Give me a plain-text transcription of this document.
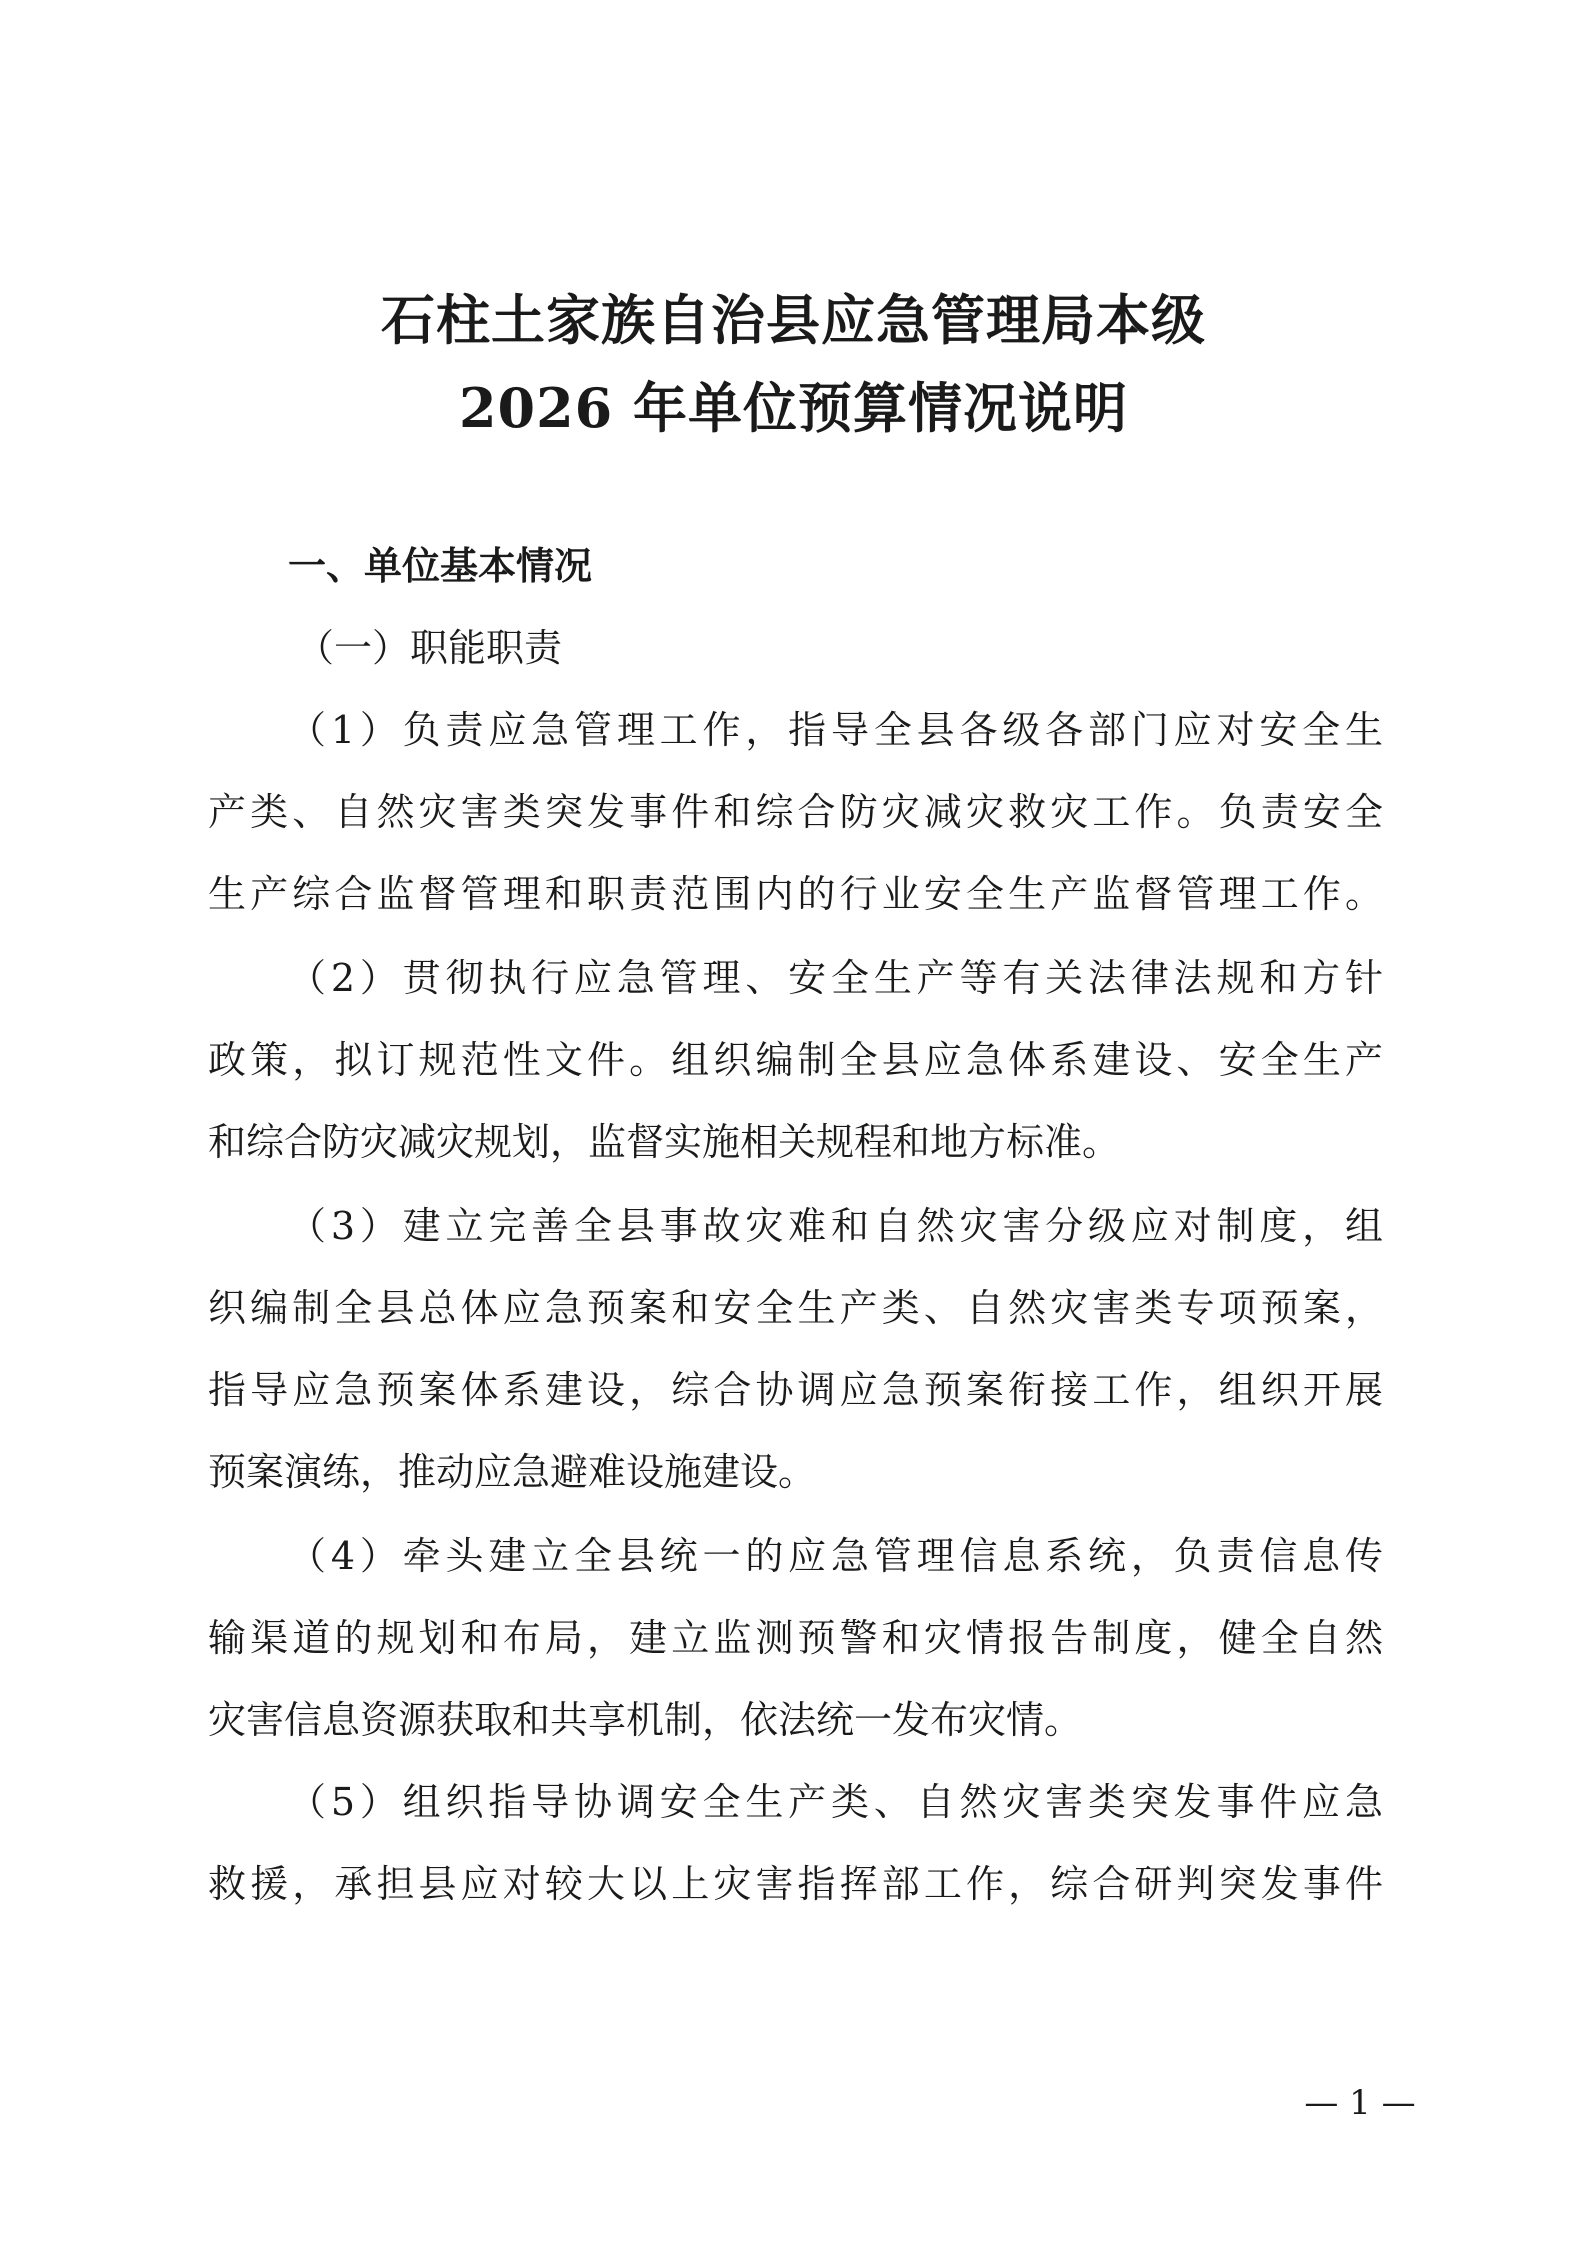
石柱土家族自治县应急管理局本级
2026 年单位预算情况说明
一、单位基本情况
（一）职能职责
（1）负责应急管理工作，指导全县各级各部门应对安全生
产类、自然灾害类突发事件和综合防灾减灾救灾工作。负责安全
生产综合监督管理和职责范围内的行业安全生产监督管理工作。
（2）贯彻执行应急管理、安全生产等有关法律法规和方针
政策，拟订规范性文件。组织编制全县应急体系建设、安全生产
和综合防灾减灾规划，监督实施相关规程和地方标准。
（3）建立完善全县事故灾难和自然灾害分级应对制度，组
织编制全县总体应急预案和安全生产类、自然灾害类专项预案，
指导应急预案体系建设，综合协调应急预案衔接工作，组织开展
预案演练，推动应急避难设施建设。
（4）牵头建立全县统一的应急管理信息系统，负责信息传
输渠道的规划和布局，建立监测预警和灾情报告制度，健全自然
灾害信息资源获取和共享机制，依法统一发布灾情。
（5）组织指导协调安全生产类、自然灾害类突发事件应急
救援，承担县应对较大以上灾害指挥部工作，综合研判突发事件
— 1 —
